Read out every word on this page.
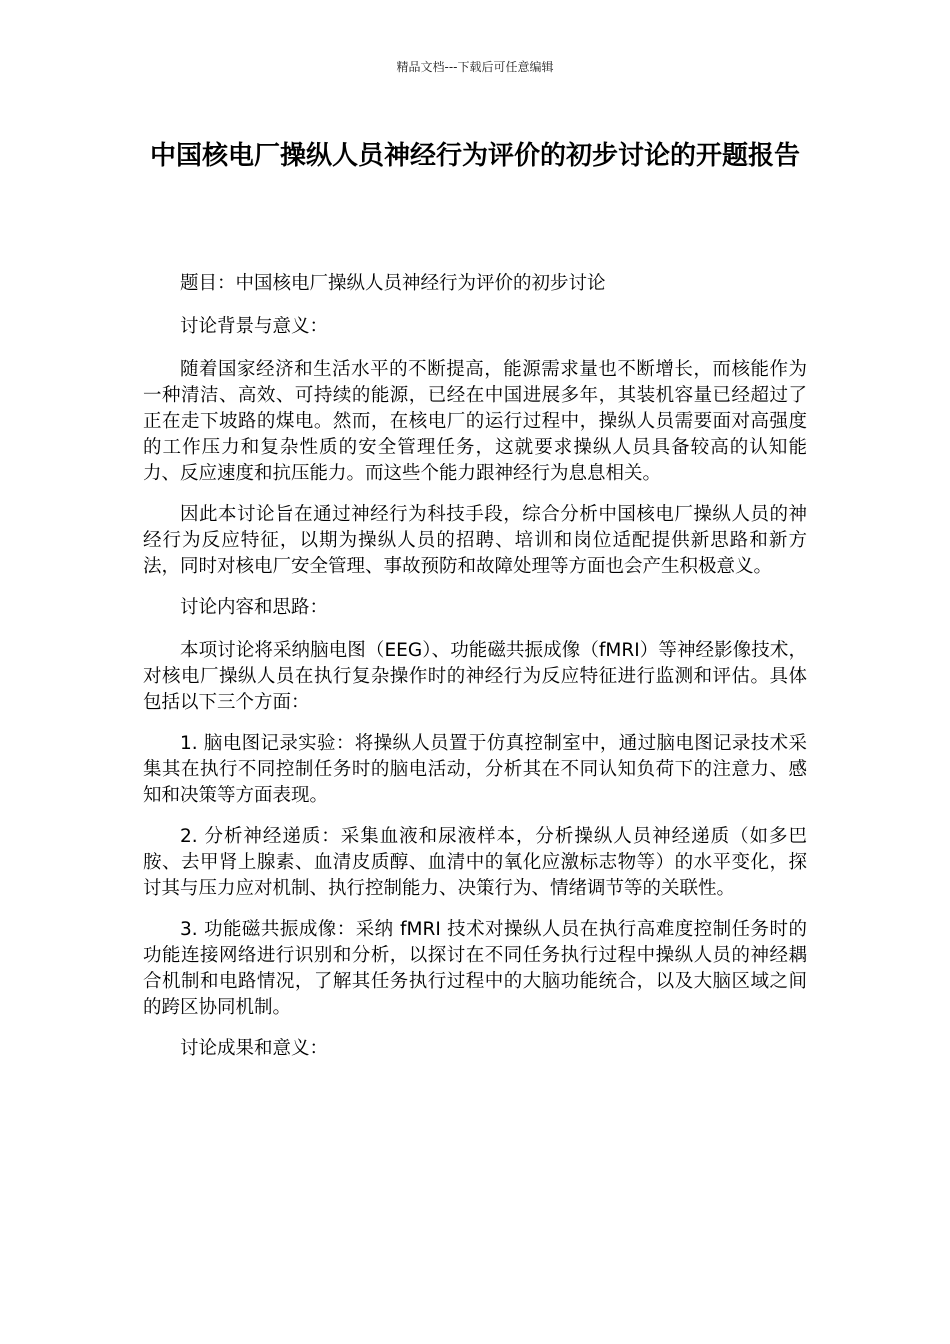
精品文档---下载后可任意编辑
中国核电厂操纵人员神经行为评价的初步讨论的开题报告

题目：中国核电厂操纵人员神经行为评价的初步讨论

讨论背景与意义：

随着国家经济和生活水平的不断提高，能源需求量也不断增长，而核能作为一种清洁、高效、可持续的能源，已经在中国进展多年，其装机容量已经超过了正在走下坡路的煤电。然而，在核电厂的运行过程中，操纵人员需要面对高强度的工作压力和复杂性质的安全管理任务，这就要求操纵人员具备较高的认知能力、反应速度和抗压能力。而这些个能力跟神经行为息息相关。

因此本讨论旨在通过神经行为科技手段，综合分析中国核电厂操纵人员的神经行为反应特征，以期为操纵人员的招聘、培训和岗位适配提供新思路和新方法，同时对核电厂安全管理、事故预防和故障处理等方面也会产生积极意义。

讨论内容和思路：

本项讨论将采纳脑电图（EEG）、功能磁共振成像（fMRI）等神经影像技术，对核电厂操纵人员在执行复杂操作时的神经行为反应特征进行监测和评估。具体包括以下三个方面：

1. 脑电图记录实验：将操纵人员置于仿真控制室中，通过脑电图记录技术采集其在执行不同控制任务时的脑电活动，分析其在不同认知负荷下的注意力、感知和决策等方面表现。

2. 分析神经递质：采集血液和尿液样本，分析操纵人员神经递质（如多巴胺、去甲肾上腺素、血清皮质醇、血清中的氧化应激标志物等）的水平变化，探讨其与压力应对机制、执行控制能力、决策行为、情绪调节等的关联性。

3. 功能磁共振成像：采纳 fMRI 技术对操纵人员在执行高难度控制任务时的功能连接网络进行识别和分析，以探讨在不同任务执行过程中操纵人员的神经耦合机制和电路情况，了解其任务执行过程中的大脑功能统合，以及大脑区域之间的跨区协同机制。

讨论成果和意义：
